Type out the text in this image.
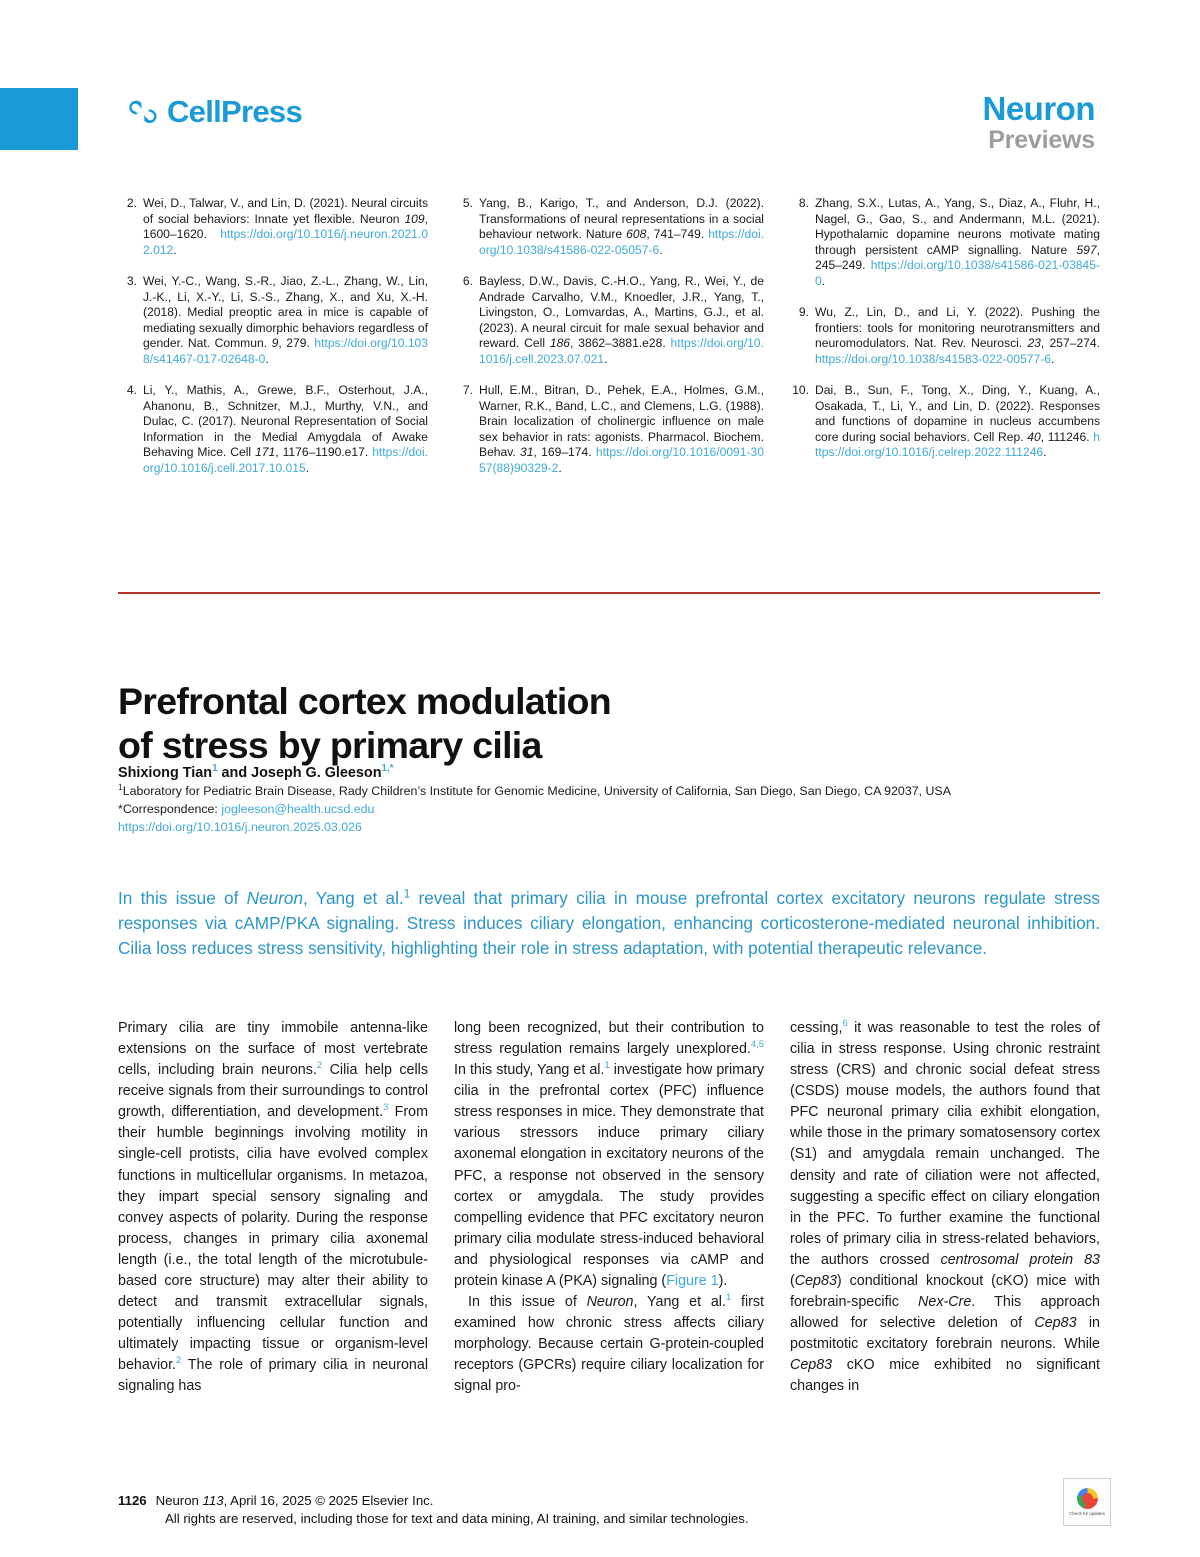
CellPress	Neuron
Previews
2. Wei, D., Talwar, V., and Lin, D. (2021). Neural circuits of social behaviors: Innate yet flexible. Neuron 109, 1600–1620. https://doi.org/10.1016/j.neuron.2021.02.012.
3. Wei, Y.-C., Wang, S.-R., Jiao, Z.-L., Zhang, W., Lin, J.-K., Li, X.-Y., Li, S.-S., Zhang, X., and Xu, X.-H. (2018). Medial preoptic area in mice is capable of mediating sexually dimorphic behaviors regardless of gender. Nat. Commun. 9, 279. https://doi.org/10.1038/s41467-017-02648-0.
4. Li, Y., Mathis, A., Grewe, B.F., Osterhout, J.A., Ahanonu, B., Schnitzer, M.J., Murthy, V.N., and Dulac, C. (2017). Neuronal Representation of Social Information in the Medial Amygdala of Awake Behaving Mice. Cell 171, 1176–1190.e17. https://doi.org/10.1016/j.cell.2017.10.015.
5. Yang, B., Karigo, T., and Anderson, D.J. (2022). Transformations of neural representations in a social behaviour network. Nature 608, 741–749. https://doi.org/10.1038/s41586-022-05057-6.
6. Bayless, D.W., Davis, C.-H.O., Yang, R., Wei, Y., de Andrade Carvalho, V.M., Knoedler, J.R., Yang, T., Livingston, O., Lomvardas, A., Martins, G.J., et al. (2023). A neural circuit for male sexual behavior and reward. Cell 186, 3862–3881.e28. https://doi.org/10.1016/j.cell.2023.07.021.
7. Hull, E.M., Bitran, D., Pehek, E.A., Holmes, G.M., Warner, R.K., Band, L.C., and Clemens, L.G. (1988). Brain localization of cholinergic influence on male sex behavior in rats: agonists. Pharmacol. Biochem. Behav. 31, 169–174. https://doi.org/10.1016/0091-3057(88)90329-2.
8. Zhang, S.X., Lutas, A., Yang, S., Diaz, A., Fluhr, H., Nagel, G., Gao, S., and Andermann, M.L. (2021). Hypothalamic dopamine neurons motivate mating through persistent cAMP signalling. Nature 597, 245–249. https://doi.org/10.1038/s41586-021-03845-0.
9. Wu, Z., Lin, D., and Li, Y. (2022). Pushing the frontiers: tools for monitoring neurotransmitters and neuromodulators. Nat. Rev. Neurosci. 23, 257–274. https://doi.org/10.1038/s41583-022-00577-6.
10. Dai, B., Sun, F., Tong, X., Ding, Y., Kuang, A., Osakada, T., Li, Y., and Lin, D. (2022). Responses and functions of dopamine in nucleus accumbens core during social behaviors. Cell Rep. 40, 111246. https://doi.org/10.1016/j.celrep.2022.111246.
Prefrontal cortex modulation
of stress by primary cilia
Shixiong Tian$^1$ and Joseph G. Gleeson$^{1,*}$
$^1$Laboratory for Pediatric Brain Disease, Rady Children’s Institute for Genomic Medicine, University of California, San Diego, San Diego, CA 92037, USA
*Correspondence: jogleeson@health.ucsd.edu
https://doi.org/10.1016/j.neuron.2025.03.026
In this issue of Neuron, Yang et al.$^1$ reveal that primary cilia in mouse prefrontal cortex excitatory neurons regulate stress responses via cAMP/PKA signaling. Stress induces ciliary elongation, enhancing corticosterone-mediated neuronal inhibition. Cilia loss reduces stress sensitivity, highlighting their role in stress adaptation, with potential therapeutic relevance.

Primary cilia are tiny immobile antenna-like extensions on the surface of most vertebrate cells, including brain neurons.$^2$ Cilia help cells receive signals from their surroundings to control growth, differentiation, and development.$^3$ From their humble beginnings involving motility in single-cell protists, cilia have evolved complex functions in multicellular organisms. In metazoa, they impart special sensory signaling and convey aspects of polarity. During the response process, changes in primary cilia axonemal length (i.e., the total length of the microtubule-based core structure) may alter their ability to detect and transmit extracellular signals, potentially influencing cellular function and ultimately impacting tissue or organism-level behavior.$^2$ The role of primary cilia in neuronal signaling has

long been recognized, but their contribution to stress regulation remains largely unexplored.$^{4,5}$ In this study, Yang et al.$^1$ investigate how primary cilia in the prefrontal cortex (PFC) influence stress responses in mice. They demonstrate that various stressors induce primary ciliary axonemal elongation in excitatory neurons of the PFC, a response not observed in the sensory cortex or amygdala. The study provides compelling evidence that PFC excitatory neuron primary cilia modulate stress-induced behavioral and physiological responses via cAMP and protein kinase A (PKA) signaling (Figure 1).

In this issue of Neuron, Yang et al.$^1$ first examined how chronic stress affects ciliary morphology. Because certain G-protein-coupled receptors (GPCRs) require ciliary localization for signal pro-

cessing,$^6$ it was reasonable to test the roles of cilia in stress response. Using chronic restraint stress (CRS) and chronic social defeat stress (CSDS) mouse models, the authors found that PFC neuronal primary cilia exhibit elongation, while those in the primary somatosensory cortex (S1) and amygdala remain unchanged. The density and rate of ciliation were not affected, suggesting a specific effect on ciliary elongation in the PFC. To further examine the functional roles of primary cilia in stress-related behaviors, the authors crossed centrosomal protein 83 (Cep83) conditional knockout (cKO) mice with forebrain-specific Nex-Cre. This approach allowed for selective deletion of Cep83 in postmitotic excitatory forebrain neurons. While Cep83 cKO mice exhibited no significant changes in

1126 Neuron 113, April 16, 2025 © 2025 Elsevier Inc.
All rights are reserved, including those for text and data mining, AI training, and similar technologies.	Check for updates
